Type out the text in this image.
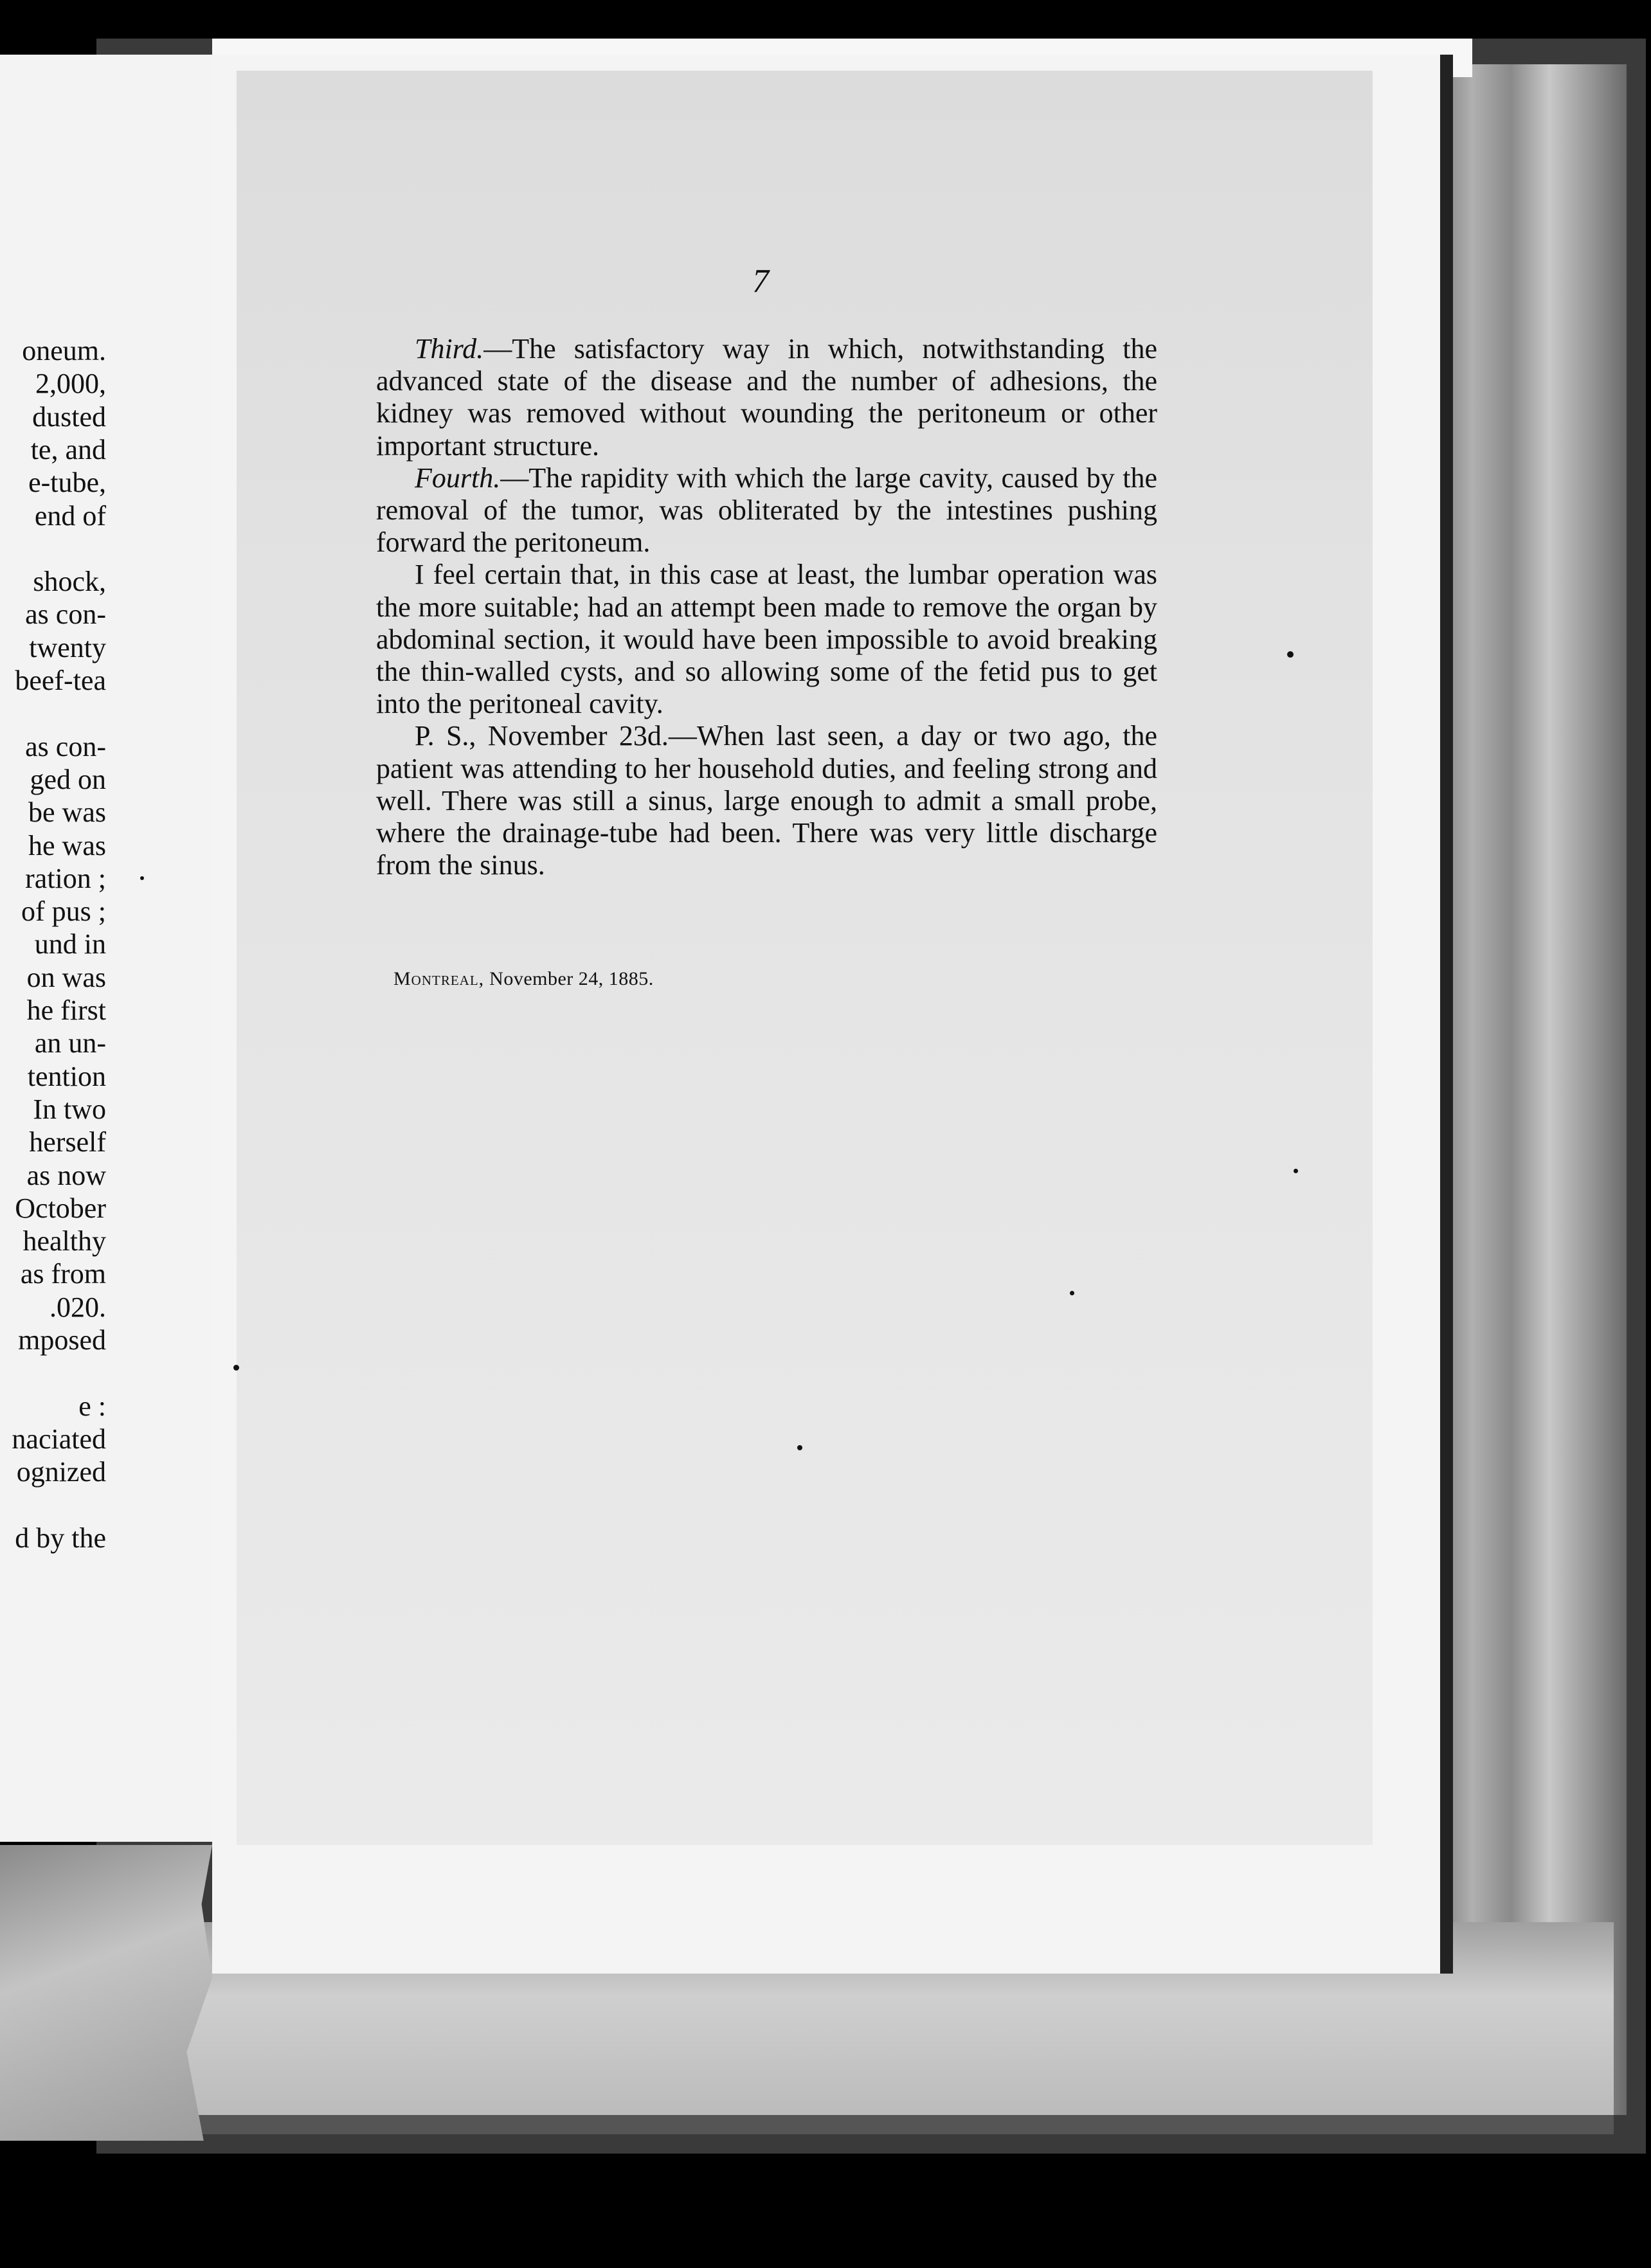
oneum.
2,000,
dusted
te, and
e-tube,
end of
shock,
as con-
twenty
beef-tea
as con-
ged on
be was
he was
ration ;
of pus ;
und in
on was
he first
an un-
tention
In two
herself
as now
October
healthy
as from
.020.
mposed
e :
naciated
ognized
d by the
7

Third.—The satisfactory way in which, notwithstanding the advanced state of the disease and the number of adhesions, the kidney was removed without wounding the peritoneum or other important structure.

Fourth.—The rapidity with which the large cavity, caused by the removal of the tumor, was obliterated by the intestines pushing forward the peritoneum.

I feel certain that, in this case at least, the lumbar operation was the more suitable; had an attempt been made to remove the organ by abdominal section, it would have been impossible to avoid breaking the thin-walled cysts, and so allowing some of the fetid pus to get into the peritoneal cavity.

P. S., November 23d.—When last seen, a day or two ago, the patient was attending to her household duties, and feeling strong and well. There was still a sinus, large enough to admit a small probe, where the drainage-tube had been. There was very little discharge from the sinus.

Montreal, November 24, 1885.
